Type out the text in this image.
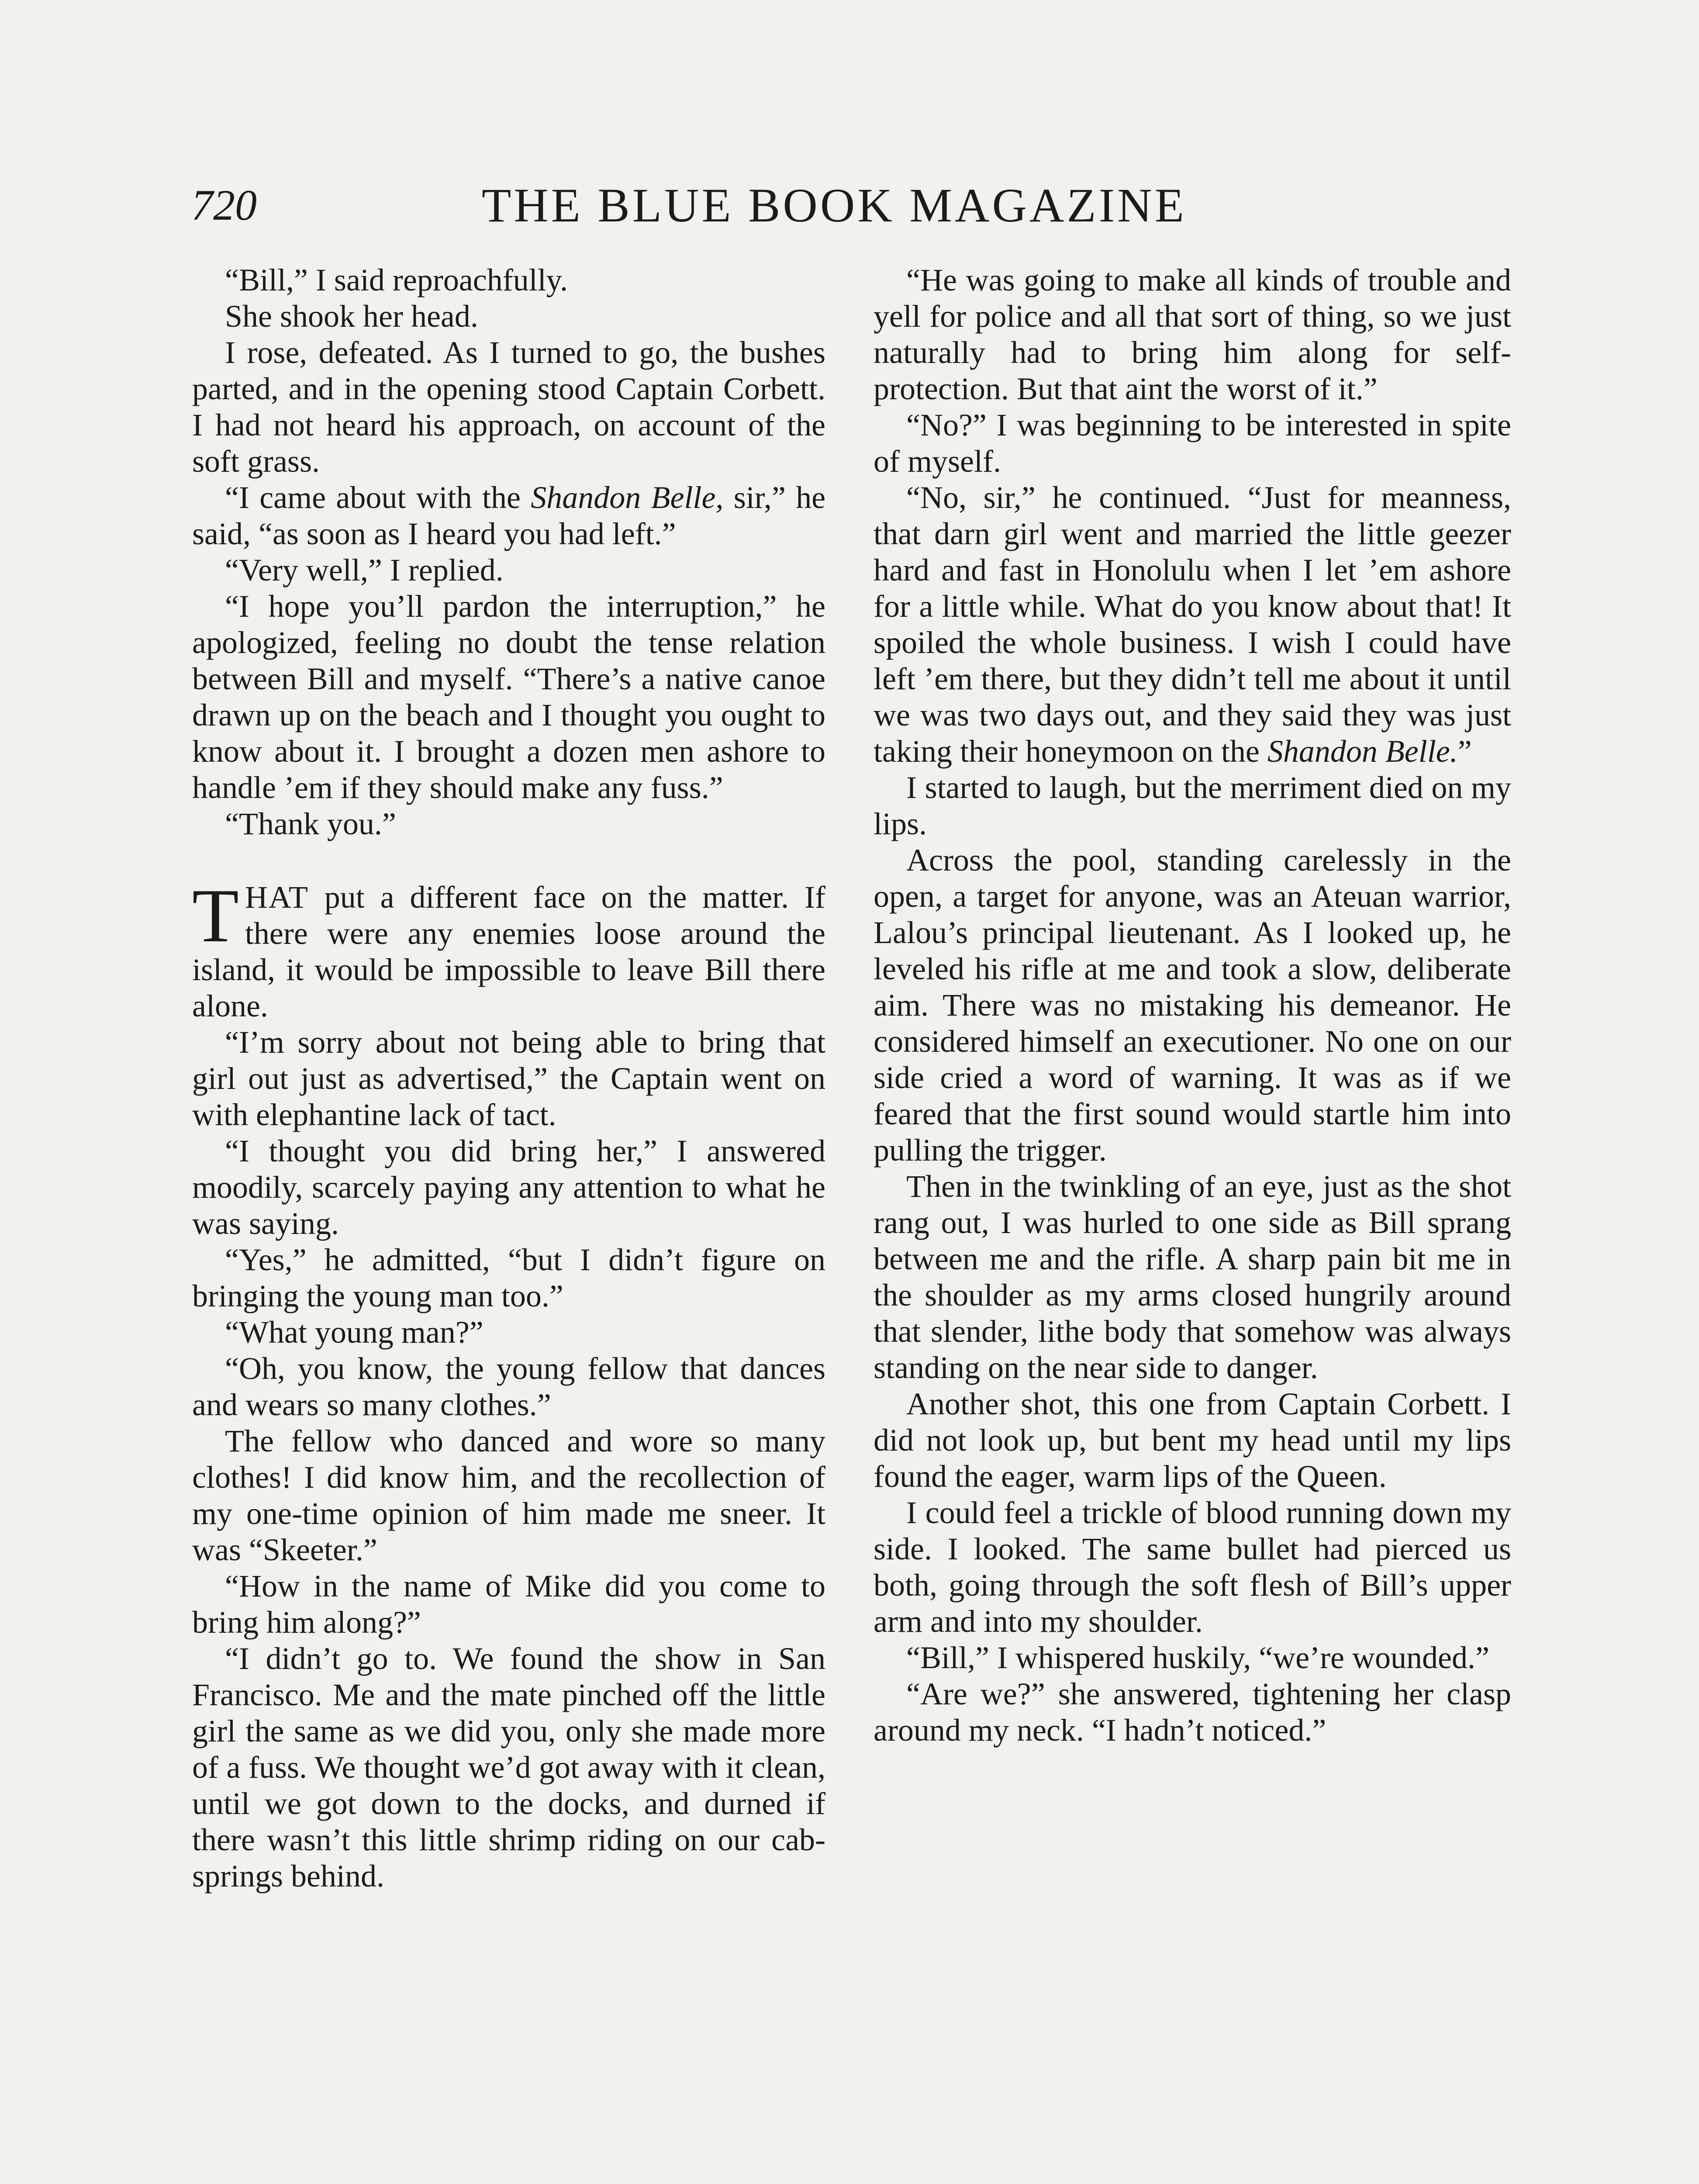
720	THE BLUE BOOK MAGAZINE

“Bill,” I said reproachfully.

She shook her head.

I rose, defeated. As I turned to go, the bushes parted, and in the opening stood Captain Corbett. I had not heard his approach, on account of the soft grass.

“I came about with the Shandon Belle, sir,” he said, “as soon as I heard you had left.”

“Very well,” I replied.

“I hope you’ll pardon the interruption,” he apologized, feeling no doubt the tense relation between Bill and myself. “There’s a native canoe drawn up on the beach and I thought you ought to know about it. I brought a dozen men ashore to handle ’em if they should make any fuss.”

“Thank you.”

THAT put a different face on the matter. If there were any enemies loose around the island, it would be impossible to leave Bill there alone.

“I’m sorry about not being able to bring that girl out just as advertised,” the Captain went on with elephantine lack of tact.

“I thought you did bring her,” I answered moodily, scarcely paying any attention to what he was saying.

“Yes,” he admitted, “but I didn’t figure on bringing the young man too.”

“What young man?”

“Oh, you know, the young fellow that dances and wears so many clothes.”

The fellow who danced and wore so many clothes! I did know him, and the recollection of my one-time opinion of him made me sneer. It was “Skeeter.”

“How in the name of Mike did you come to bring him along?”

“I didn’t go to. We found the show in San Francisco. Me and the mate pinched off the little girl the same as we did you, only she made more of a fuss. We thought we’d got away with it clean, until we got down to the docks, and durned if there wasn’t this little shrimp riding on our cab-springs behind.

“He was going to make all kinds of trouble and yell for police and all that sort of thing, so we just naturally had to bring him along for self-protection. But that aint the worst of it.”

“No?” I was beginning to be interested in spite of myself.

“No, sir,” he continued. “Just for meanness, that darn girl went and married the little geezer hard and fast in Honolulu when I let ’em ashore for a little while. What do you know about that! It spoiled the whole business. I wish I could have left ’em there, but they didn’t tell me about it until we was two days out, and they said they was just taking their honeymoon on the Shandon Belle.”

I started to laugh, but the merriment died on my lips.

Across the pool, standing carelessly in the open, a target for anyone, was an Ateuan warrior, Lalou’s principal lieutenant. As I looked up, he leveled his rifle at me and took a slow, deliberate aim. There was no mistaking his demeanor. He considered himself an executioner. No one on our side cried a word of warning. It was as if we feared that the first sound would startle him into pulling the trigger.

Then in the twinkling of an eye, just as the shot rang out, I was hurled to one side as Bill sprang between me and the rifle. A sharp pain bit me in the shoulder as my arms closed hungrily around that slender, lithe body that somehow was always standing on the near side to danger.

Another shot, this one from Captain Corbett. I did not look up, but bent my head until my lips found the eager, warm lips of the Queen.

I could feel a trickle of blood running down my side. I looked. The same bullet had pierced us both, going through the soft flesh of Bill’s upper arm and into my shoulder.

“Bill,” I whispered huskily, “we’re wounded.”

“Are we?” she answered, tightening her clasp around my neck. “I hadn’t noticed.”
